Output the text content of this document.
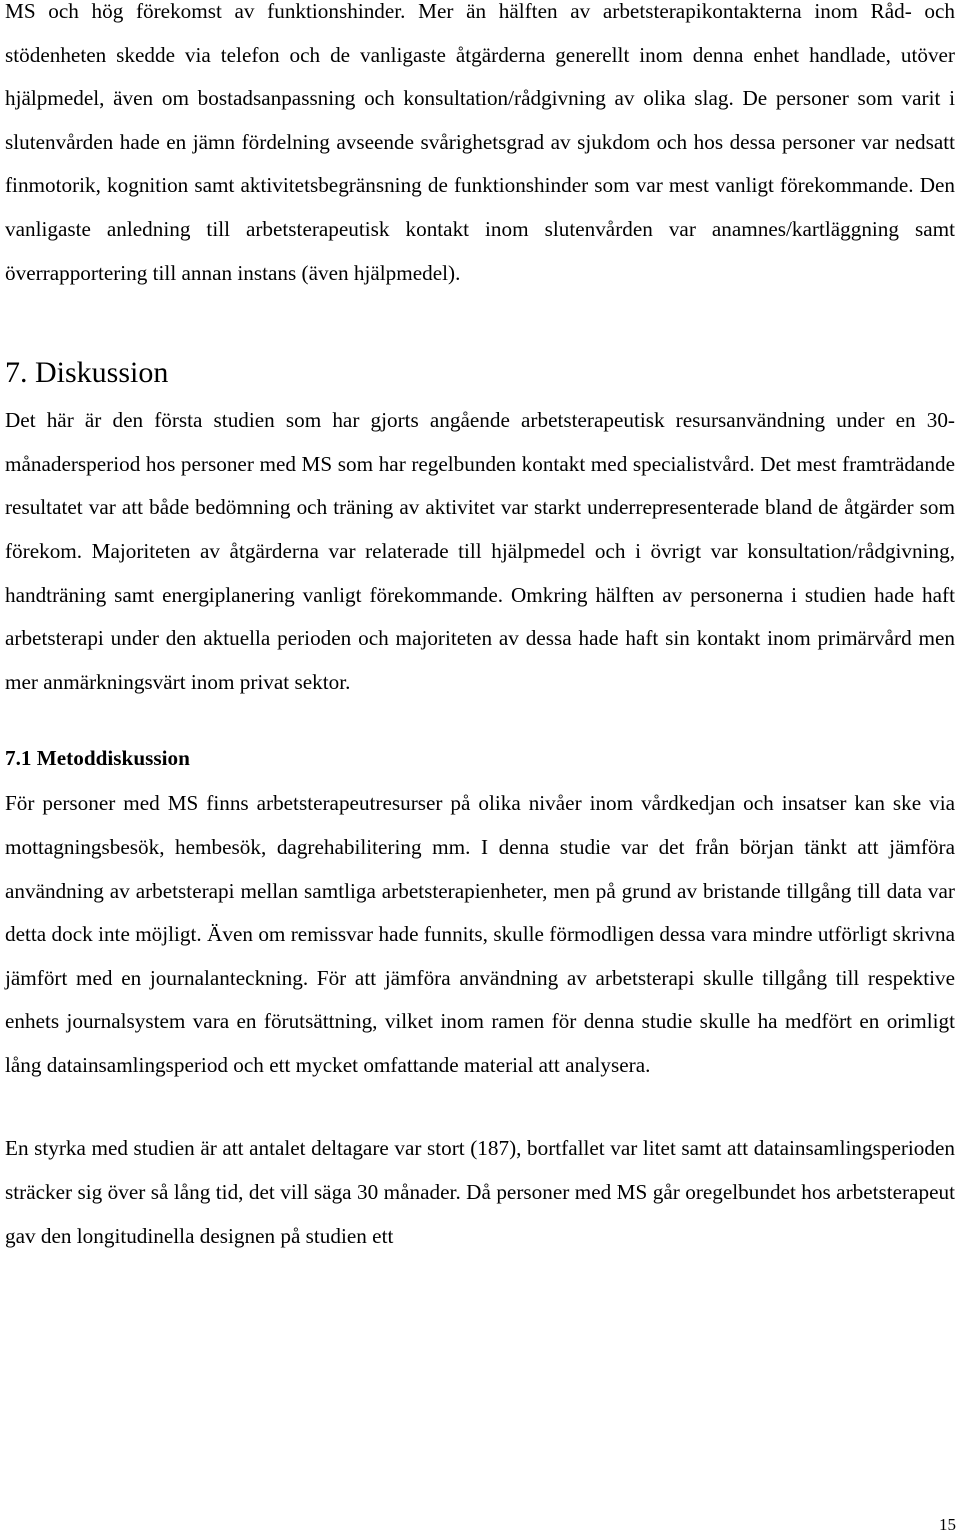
MS och hög förekomst av funktionshinder. Mer än hälften av arbetsterapikontakterna inom Råd- och stödenheten skedde via telefon och de vanligaste åtgärderna generellt inom denna enhet handlade, utöver hjälpmedel, även om bostadsanpassning och konsultation/rådgivning av olika slag. De personer som varit i slutenvården hade en jämn fördelning avseende svårighetsgrad av sjukdom och hos dessa personer var nedsatt finmotorik, kognition samt aktivitetsbegränsning de funktionshinder som var mest vanligt förekommande. Den vanligaste anledning till arbetsterapeutisk kontakt inom slutenvården var anamnes/kartläggning samt överrapportering till annan instans (även hjälpmedel).

7. Diskussion

Det här är den första studien som har gjorts angående arbetsterapeutisk resursanvändning under en 30-månadersperiod hos personer med MS som har regelbunden kontakt med specialistvård. Det mest framträdande resultatet var att både bedömning och träning av aktivitet var starkt underrepresenterade bland de åtgärder som förekom. Majoriteten av åtgärderna var relaterade till hjälpmedel och i övrigt var konsultation/rådgivning, handträning samt energiplanering vanligt förekommande. Omkring hälften av personerna i studien hade haft arbetsterapi under den aktuella perioden och majoriteten av dessa hade haft sin kontakt inom primärvård men mer anmärkningsvärt inom privat sektor.

7.1 Metoddiskussion

För personer med MS finns arbetsterapeutresurser på olika nivåer inom vårdkedjan och insatser kan ske via mottagningsbesök, hembesök, dagrehabilitering mm. I denna studie var det från början tänkt att jämföra användning av arbetsterapi mellan samtliga arbetsterapienheter, men på grund av bristande tillgång till data var detta dock inte möjligt. Även om remissvar hade funnits, skulle förmodligen dessa vara mindre utförligt skrivna jämfört med en journalanteckning. För att jämföra användning av arbetsterapi skulle tillgång till respektive enhets journalsystem vara en förutsättning, vilket inom ramen för denna studie skulle ha medfört en orimligt lång datainsamlingsperiod och ett mycket omfattande material att analysera.

En styrka med studien är att antalet deltagare var stort (187), bortfallet var litet samt att datainsamlingsperioden sträcker sig över så lång tid, det vill säga 30 månader. Då personer med MS går oregelbundet hos arbetsterapeut gav den longitudinella designen på studien ett

15
